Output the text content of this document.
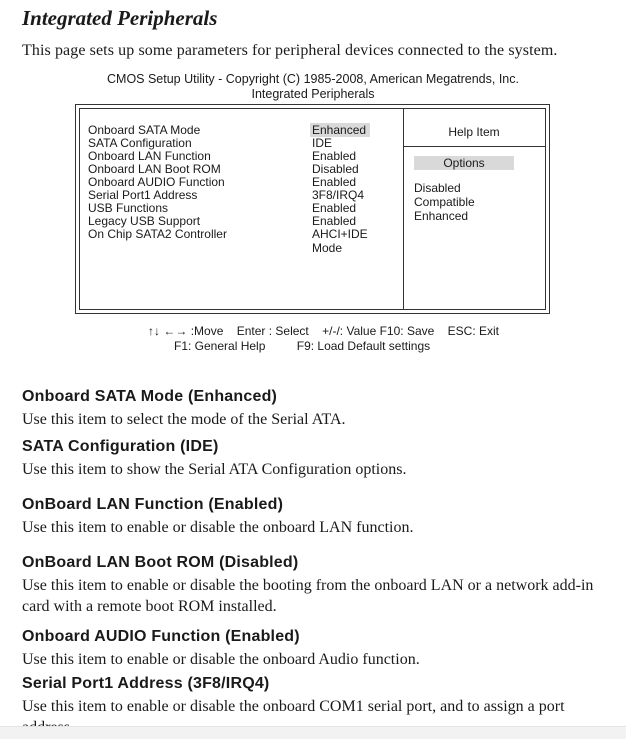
Integrated Peripherals
This page sets up some parameters for peripheral devices connected to the system.
CMOS Setup Utility - Copyright (C) 1985-2008, American Megatrends, Inc.
Integrated Peripherals
Onboard SATA Mode	Enhanced
SATA Configuration	IDE
Onboard LAN Function	Enabled
Onboard LAN Boot ROM	Disabled
Onboard AUDIO Function	Enabled
Serial Port1 Address	3F8/IRQ4
USB Functions	Enabled
Legacy USB Support	Enabled
On Chip SATA2 Controller	AHCI+IDE Mode
Help Item
Options
Disabled
Compatible
Enhanced
↑↓ ←→ :Move Enter : Select +/-/: Value F10: Save ESC: Exit
F1: General Help	F9: Load Default settings
Onboard SATA Mode (Enhanced)
Use this item to select the mode of the Serial ATA.
SATA Configuration (IDE)
Use this item to show the Serial ATA Configuration options.
OnBoard LAN Function (Enabled)
Use this item to enable or disable the onboard LAN function.
OnBoard LAN Boot ROM (Disabled)
Use this item to enable or disable the booting from the onboard LAN or a network add-in card with a remote boot ROM installed.
Onboard AUDIO Function (Enabled)
Use this item to enable or disable the onboard Audio function.
Serial Port1 Address (3F8/IRQ4)
Use this item to enable or disable the onboard COM1 serial port, and to assign a port
